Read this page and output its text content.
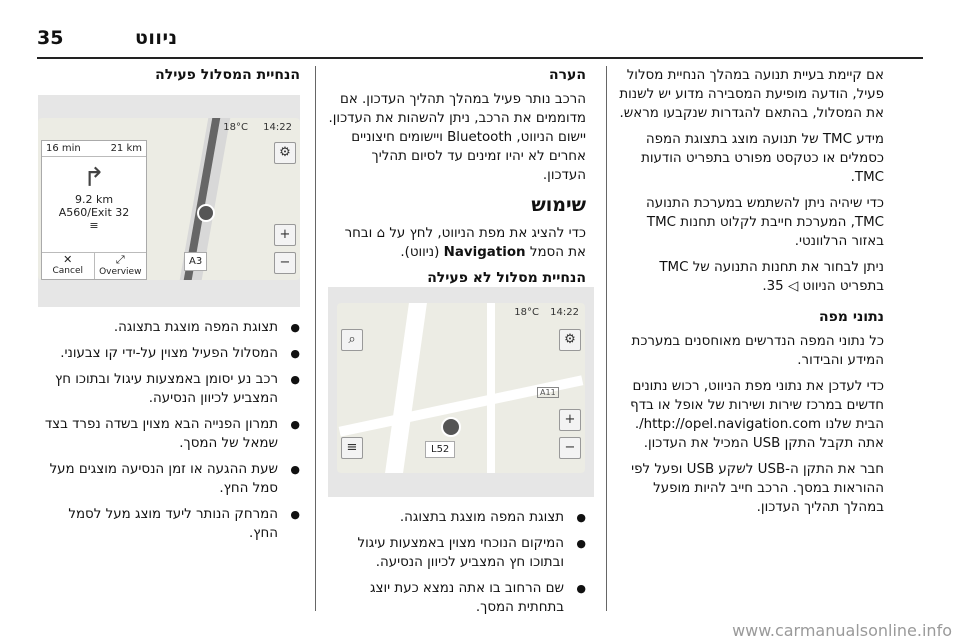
ניווט
35

אם קיימת בעיית תנועה במהלך הנחיית מסלול פעיל, הודעה מופיעת המסבירה מדוע יש לשנות את המסלול, בהתאם להגדרות שנקבעו מראש.

מידע TMC של תנועה מוצג בתצוגת המפה כסמלים או כטקסט מפורט בתפריט הודעות TMC.

כדי שיהיה ניתן להשתמש במערכת התנועה TMC, המערכת חייבת לקלוט תחנות TMC באזור הרלוונטי.

ניתן לבחור את תחנות התנועה של TMC בתפריט הניווט ◁ 35.

נתוני מפה

כל נתוני המפה הנדרשים מאוחסנים במערכת המידע והבידור.

כדי לעדכן את נתוני מפת הניווט, רכוש נתונים חדשים במרכז שירות ושירות של אופל או בדף הבית שלנו http://opel.navigation.com/. אתה תקבל התקן USB המכיל את העדכון.

חבר את התקן ה-USB לשקע USB ופעל לפי ההוראות במסך. הרכב חייב להיות מופעל במהלך תהליך העדכון.

הערה

הרכב נותר פעיל במהלך תהליך העדכון. אם מדוממים את הרכב, ניתן להשהות את העדכון. יישום הניווט, Bluetooth ויישומים חיצוניים אחרים לא יהיו זמינים עד לסיום תהליך העדכון.

שימוש

כדי להציג את מפת הניווט, לחץ על ⌂ ובחר את הסמל Navigation (ניווט).

הנחיית מסלול לא פעילה
18°C 14:22
⌕	⚙
+
−
≡	L52
A11
● תצוגת המפה מוצגת בתצוגה.
● המיקום הנוכחי מצוין באמצעות עיגול ובתוכו חץ המצביע לכיוון הנסיעה.
● שם הרחוב בו אתה נמצא כעת יוצג בתחתית המסך.
הנחיית המסלול פעילה
18°C 14:22
16 min	21 km
↱
9.2 km
A560/Exit 32
≡
✕
Cancel
⤢
Overview
⚙
+
−
A3
● תצוגת המפה מוצגת בתצוגה.
● המסלול הפעיל מצוין על-ידי קו צבעוני.
● רכב נע יסומן באמצעות עיגול ובתוכו חץ המצביע לכיוון הנסיעה.
● תמרון הפנייה הבא מצוין בשדה נפרד בצד שמאל של המסך.
● שעת ההגעה או זמן הנסיעה מוצגים מעל סמל החץ.
● המרחק הנותר ליעד מוצג מעל לסמל החץ.
www.carmanualsonline.info
